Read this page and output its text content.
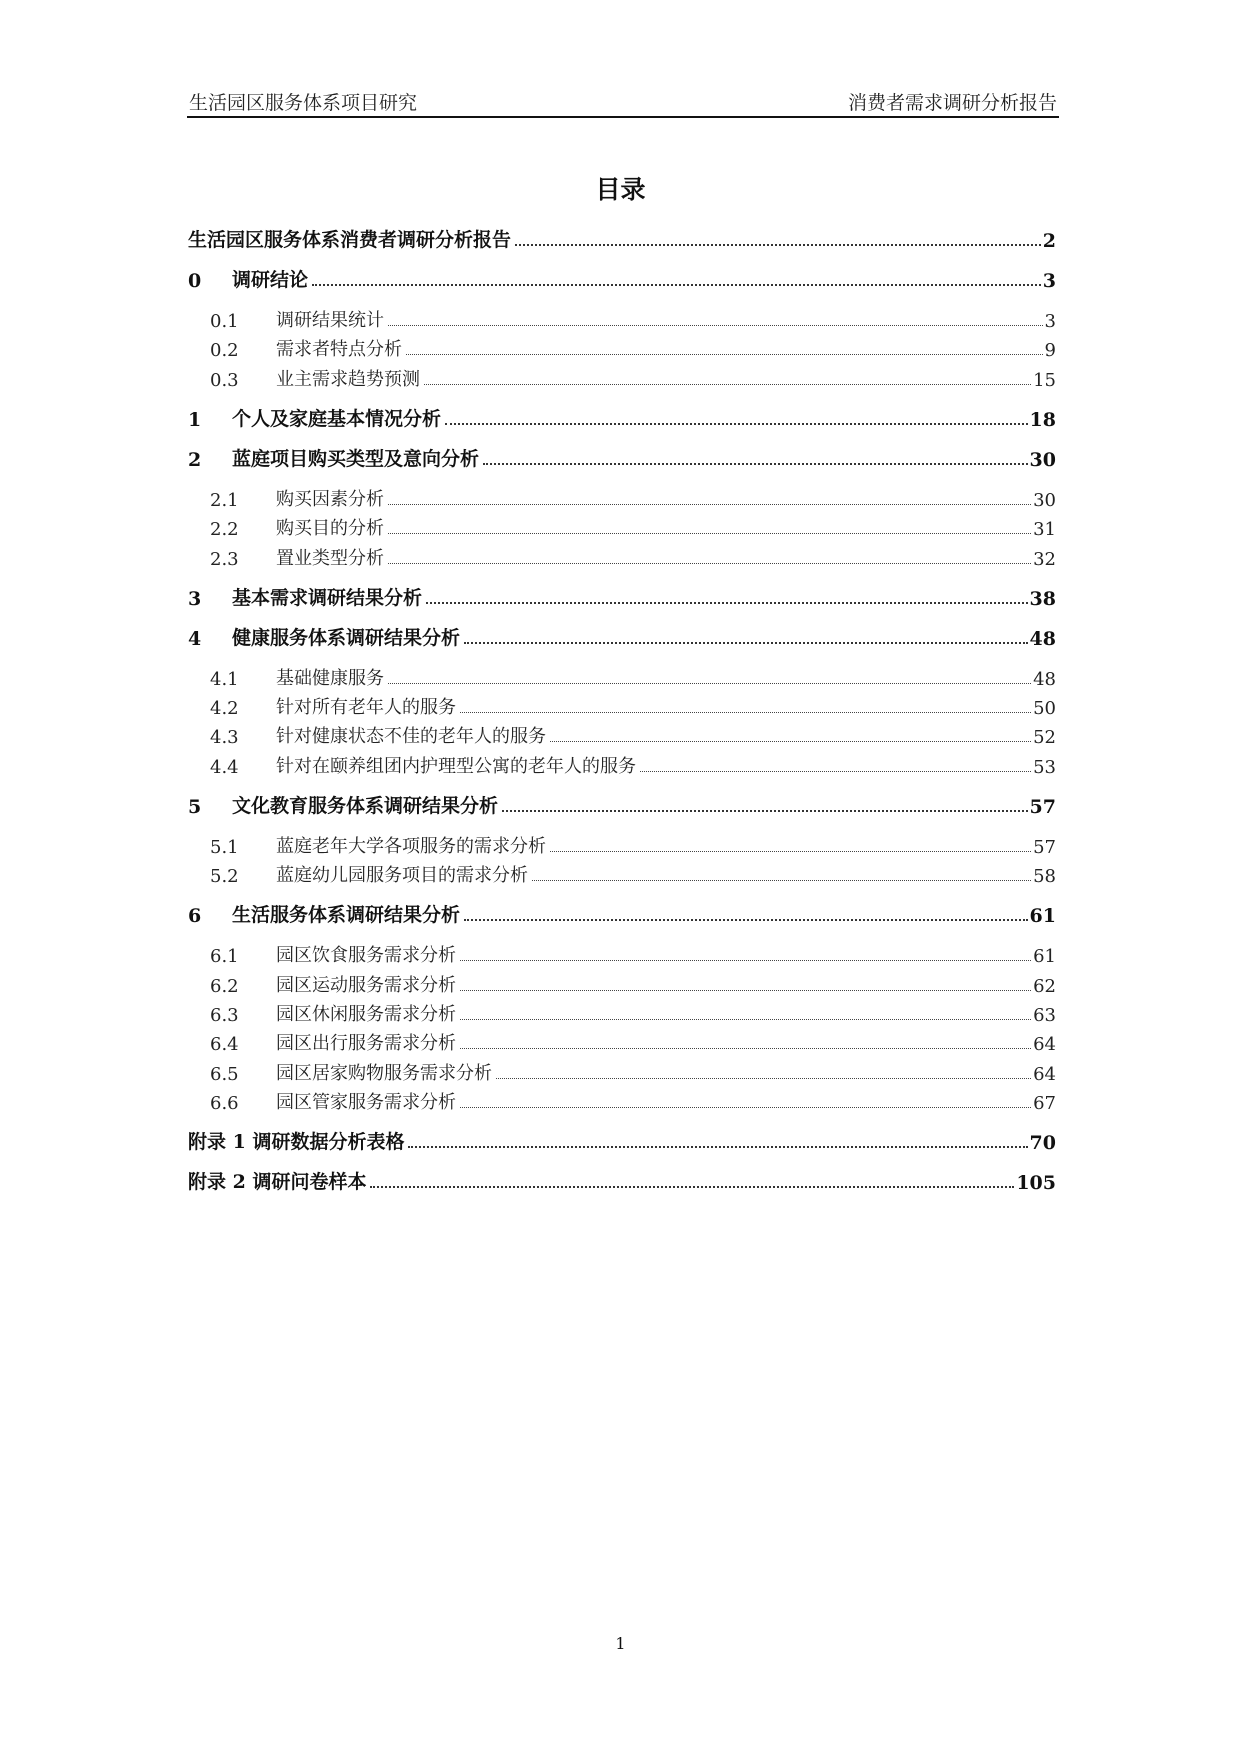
生活园区服务体系项目研究	消费者需求调研分析报告
目录
生活园区服务体系消费者调研分析报告	2
0	调研结论	3
0.1	调研结果统计	3
0.2	需求者特点分析	9
0.3	业主需求趋势预测	15
1	个人及家庭基本情况分析	18
2	蓝庭项目购买类型及意向分析	30
2.1	购买因素分析	30
2.2	购买目的分析	31
2.3	置业类型分析	32
3	基本需求调研结果分析	38
4	健康服务体系调研结果分析	48
4.1	基础健康服务	48
4.2	针对所有老年人的服务	50
4.3	针对健康状态不佳的老年人的服务	52
4.4	针对在颐养组团内护理型公寓的老年人的服务	53
5	文化教育服务体系调研结果分析	57
5.1	蓝庭老年大学各项服务的需求分析	57
5.2	蓝庭幼儿园服务项目的需求分析	58
6	生活服务体系调研结果分析	61
6.1	园区饮食服务需求分析	61
6.2	园区运动服务需求分析	62
6.3	园区休闲服务需求分析	63
6.4	园区出行服务需求分析	64
6.5	园区居家购物服务需求分析	64
6.6	园区管家服务需求分析	67
附录 1 调研数据分析表格	70
附录 2 调研问卷样本	105
1
